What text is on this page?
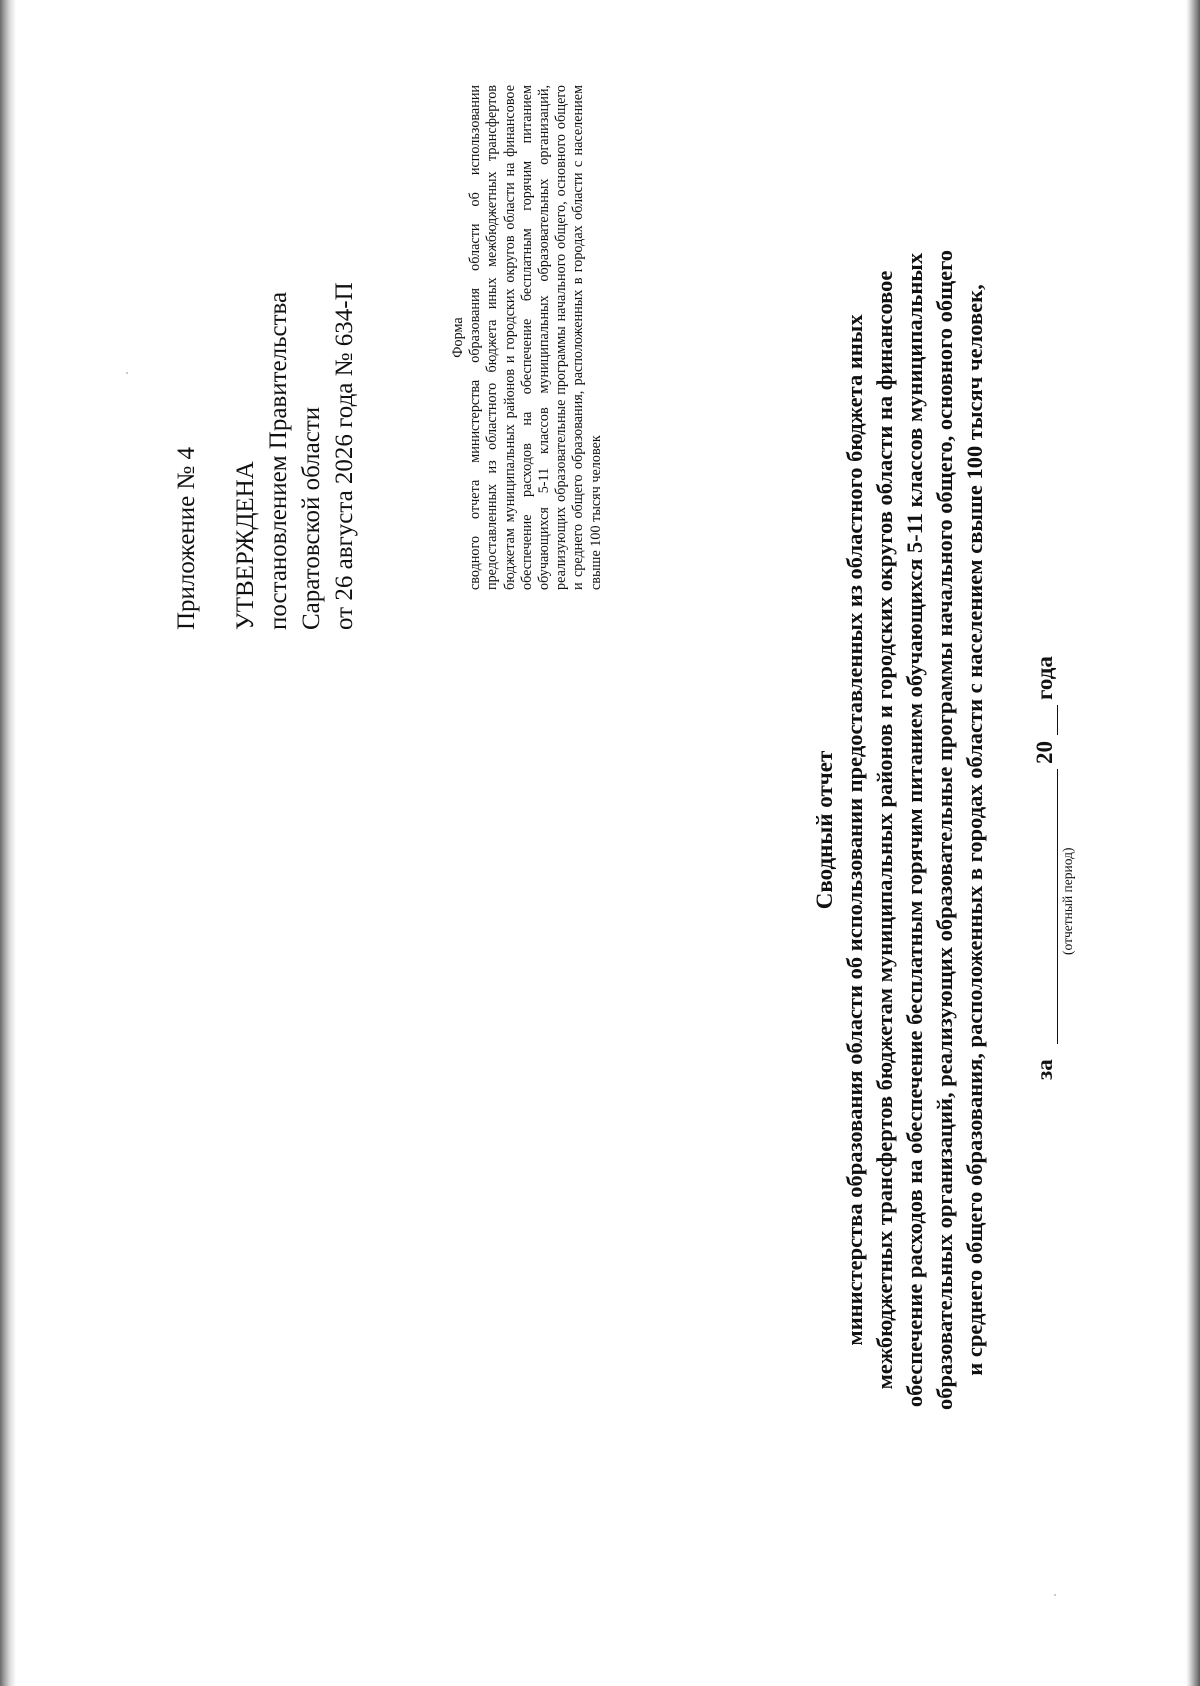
Приложение № 4 УТВЕРЖДЕНА постановлением Правительства Саратовской области от 26 августа 2026 года № 634-П	Форма сводного отчета министерства образования области об использовании предоставленных из областного бюджета иных межбюджетных трансфертов бюджетам муниципальных районов и городских округов области на финансовое обеспечение расходов на обеспечение бесплатным горячим питанием обучающихся 5-11 классов муниципальных образовательных организаций, реализующих образовательные программы начального общего, основного общего и среднего общего образования, расположенных в городах области с населением свыше 100 тысяч человек

Сводный отчет министерства образования области об использовании предоставленных из областного бюджета иных межбюджетных трансфертов бюджетам муниципальных районов и городских округов области на финансовое обеспечение расходов на обеспечение бесплатным горячим питанием обучающихся 5-11 классов муниципальных образовательных организаций, реализующих образовательные программы начального общего, основного общего и среднего общего образования, расположенных в городах области с населением свыше 100 тысяч человек, за
20
года
(отчетный период)
